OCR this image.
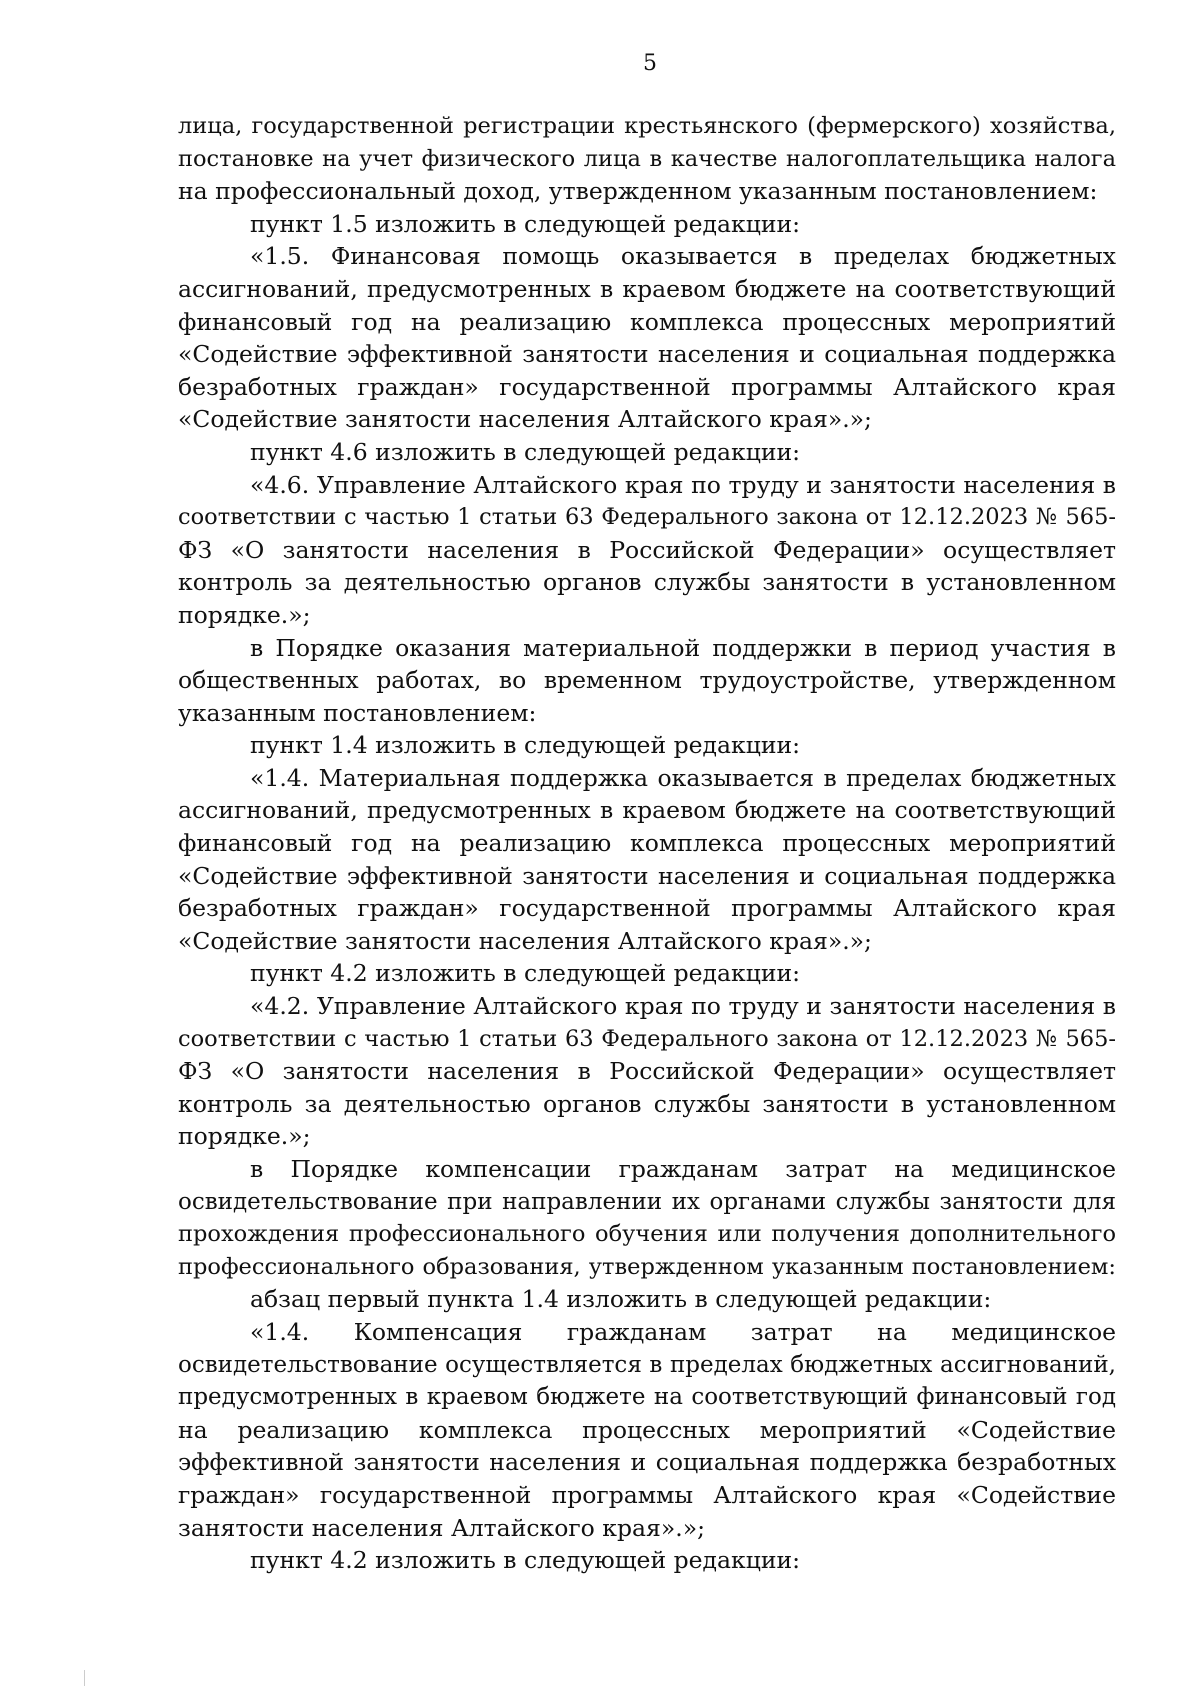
5
лица, государственной регистрации крестьянского (фермерского) хозяйства,
постановке на учет физического лица в качестве налогоплательщика налога
на профессиональный доход, утвержденном указанным постановлением:
пункт 1.5 изложить в следующей редакции:
«1.5. Финансовая помощь оказывается в пределах бюджетных
ассигнований, предусмотренных в краевом бюджете на соответствующий
финансовый год на реализацию комплекса процессных мероприятий
«Содействие эффективной занятости населения и социальная поддержка
безработных граждан» государственной программы Алтайского края
«Содействие занятости населения Алтайского края».»;
пункт 4.6 изложить в следующей редакции:
«4.6. Управление Алтайского края по труду и занятости населения в
соответствии с частью 1 статьи 63 Федерального закона от 12.12.2023 № 565-
ФЗ «О занятости населения в Российской Федерации» осуществляет
контроль за деятельностью органов службы занятости в установленном
порядке.»;
в Порядке оказания материальной поддержки в период участия в
общественных работах, во временном трудоустройстве, утвержденном
указанным постановлением:
пункт 1.4 изложить в следующей редакции:
«1.4. Материальная поддержка оказывается в пределах бюджетных
ассигнований, предусмотренных в краевом бюджете на соответствующий
финансовый год на реализацию комплекса процессных мероприятий
«Содействие эффективной занятости населения и социальная поддержка
безработных граждан» государственной программы Алтайского края
«Содействие занятости населения Алтайского края».»;
пункт 4.2 изложить в следующей редакции:
«4.2. Управление Алтайского края по труду и занятости населения в
соответствии с частью 1 статьи 63 Федерального закона от 12.12.2023 № 565-
ФЗ «О занятости населения в Российской Федерации» осуществляет
контроль за деятельностью органов службы занятости в установленном
порядке.»;
в Порядке компенсации гражданам затрат на медицинское
освидетельствование при направлении их органами службы занятости для
прохождения профессионального обучения или получения дополнительного
профессионального образования, утвержденном указанным постановлением:
абзац первый пункта 1.4 изложить в следующей редакции:
«1.4. Компенсация гражданам затрат на медицинское
освидетельствование осуществляется в пределах бюджетных ассигнований,
предусмотренных в краевом бюджете на соответствующий финансовый год
на реализацию комплекса процессных мероприятий «Содействие
эффективной занятости населения и социальная поддержка безработных
граждан» государственной программы Алтайского края «Содействие
занятости населения Алтайского края».»;
пункт 4.2 изложить в следующей редакции:
